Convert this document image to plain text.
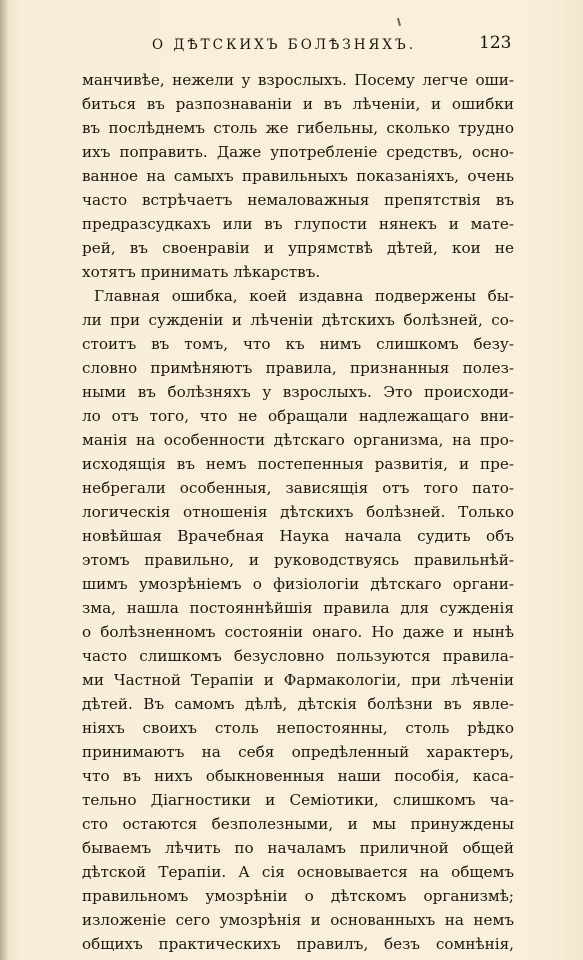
О ДѢТСКИХЪ БОЛѢЗНЯХЪ.	123
манчивѣе, нежели у взрослыхъ. Посему легче оши-
биться въ разпознаваніи и въ лѣченіи, и ошибки
въ послѣднемъ столь же гибельны, сколько трудно
ихъ поправить. Даже употребленіе средствъ, осно-
ванное на самыхъ правильныхъ показаніяхъ, очень
часто встрѣчаетъ немаловажныя препятствія въ
предразсудкахъ или въ глупости нянекъ и мате-
рей, въ своенравіи и упрямствѣ дѣтей, кои не
хотятъ принимать лѣкарствъ.
Главная ошибка, коей издавна подвержены бы-
ли при сужденіи и лѣченіи дѣтскихъ болѣзней, со-
стоитъ въ томъ, что къ нимъ слишкомъ безу-
словно примѣняютъ правила, признанныя полез-
ными въ болѣзняхъ у взрослыхъ. Это происходи-
ло отъ того, что не обращали надлежащаго вни-
манія на особенности дѣтскаго организма, на про-
исходящія въ немъ постепенныя развитія, и пре-
небрегали особенныя, зависящія отъ того пато-
логическія отношенія дѣтскихъ болѣзней. Только
новѣйшая Врачебная Наука начала судить объ
этомъ правильно, и руководствуясь правильнѣй-
шимъ умозрѣніемъ о физіологіи дѣтскаго органи-
зма, нашла постояннѣйшія правила для сужденія
о болѣзненномъ состояніи онаго. Но даже и нынѣ
часто слишкомъ безусловно пользуются правила-
ми Частной Терапіи и Фармакологіи, при лѣченіи
дѣтей. Въ самомъ дѣлѣ, дѣтскія болѣзни въ явле-
ніяхъ своихъ столь непостоянны, столь рѣдко
принимаютъ на себя опредѣленный характеръ,
что въ нихъ обыкновенныя наши пособія, каса-
тельно Діагностики и Семіотики, слишкомъ ча-
сто остаются безполезными, и мы принуждены
бываемъ лѣчить по началамъ приличной общей
дѣтской Терапіи. А сія основывается на общемъ
правильномъ умозрѣніи о дѣтскомъ организмѣ;
изложеніе сего умозрѣнія и основанныхъ на немъ
общихъ практическихъ правилъ, безъ сомнѣнія,
